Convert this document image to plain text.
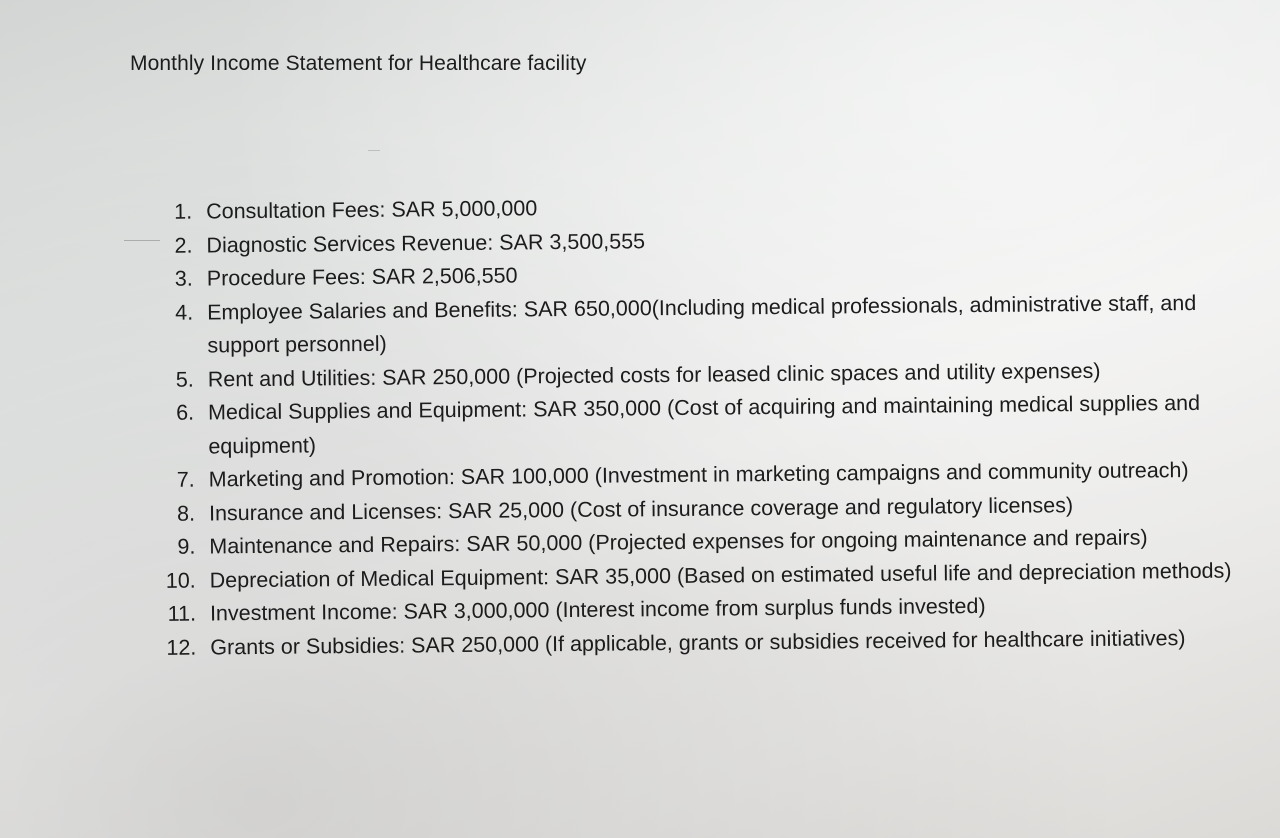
Monthly Income Statement for Healthcare facility
1. Consultation Fees: SAR 5,000,000
2. Diagnostic Services Revenue: SAR 3,500,555
3. Procedure Fees: SAR 2,506,550
4. Employee Salaries and Benefits: SAR 650,000(Including medical professionals, administrative staff, and support personnel)
5. Rent and Utilities: SAR 250,000 (Projected costs for leased clinic spaces and utility expenses)
6. Medical Supplies and Equipment: SAR 350,000 (Cost of acquiring and maintaining medical supplies and equipment)
7. Marketing and Promotion: SAR 100,000 (Investment in marketing campaigns and community outreach)
8. Insurance and Licenses: SAR 25,000 (Cost of insurance coverage and regulatory licenses)
9. Maintenance and Repairs: SAR 50,000 (Projected expenses for ongoing maintenance and repairs)
10. Depreciation of Medical Equipment: SAR 35,000 (Based on estimated useful life and depreciation methods)
11. Investment Income: SAR 3,000,000 (Interest income from surplus funds invested)
12. Grants or Subsidies: SAR 250,000 (If applicable, grants or subsidies received for healthcare initiatives)
